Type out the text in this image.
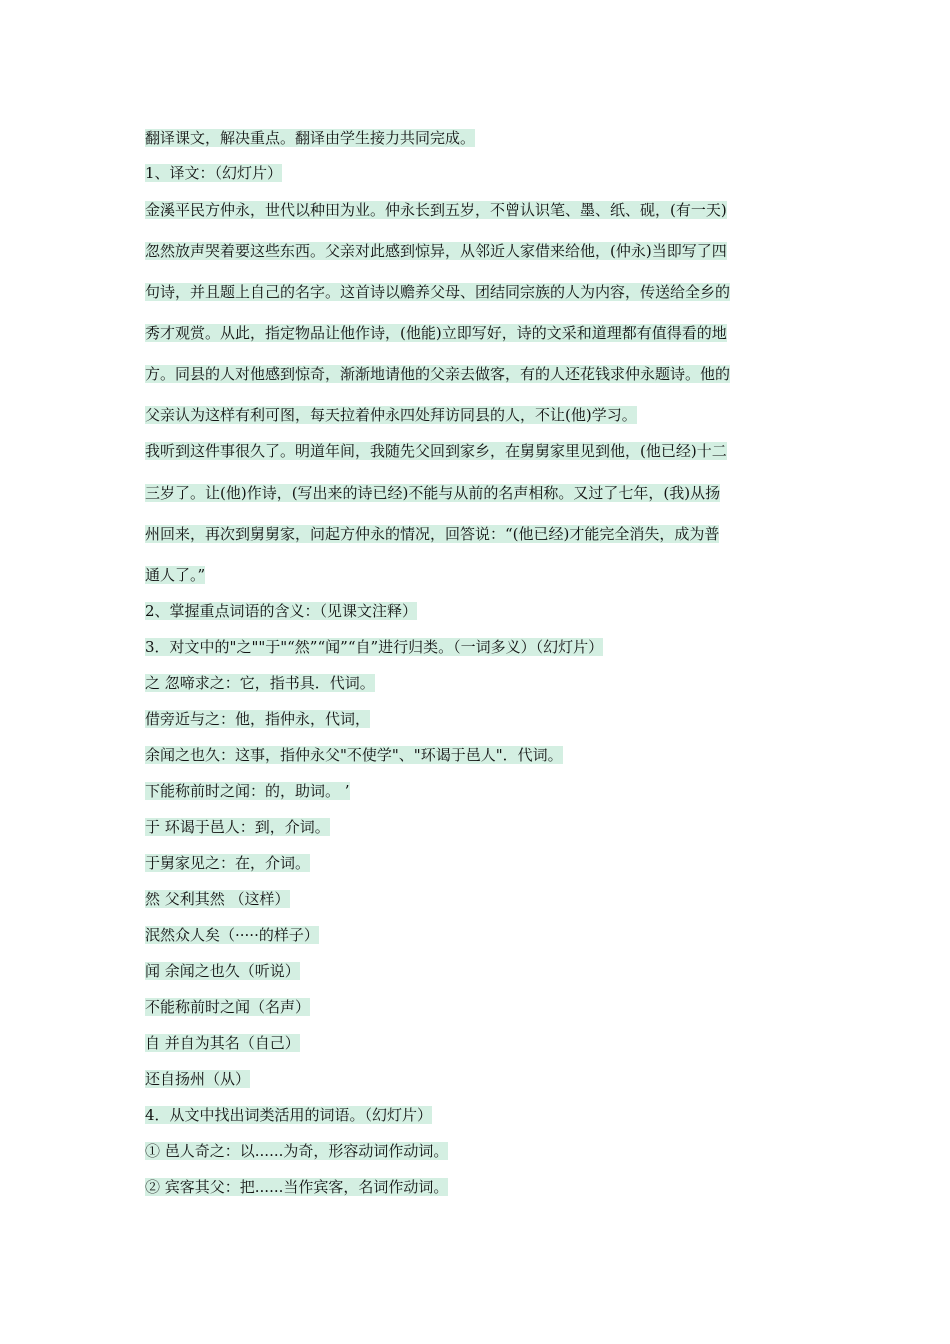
翻译课文，解决重点。翻译由学生接力共同完成。

1、译文：（幻灯片）

金溪平民方仲永，世代以种田为业。仲永长到五岁，不曾认识笔、墨、纸、砚，(有一天)

忽然放声哭着要这些东西。父亲对此感到惊异，从邻近人家借来给他，(仲永)当即写了四

句诗，并且题上自己的名字。这首诗以赡养父母、团结同宗族的人为内容，传送给全乡的

秀才观赏。从此，指定物品让他作诗，(他能)立即写好，诗的文采和道理都有值得看的地

方。同县的人对他感到惊奇，渐渐地请他的父亲去做客，有的人还花钱求仲永题诗。他的

父亲认为这样有利可图，每天拉着仲永四处拜访同县的人，不让(他)学习。

我听到这件事很久了。明道年间，我随先父回到家乡，在舅舅家里见到他，(他已经)十二

三岁了。让(他)作诗，(写出来的诗已经)不能与从前的名声相称。又过了七年，(我)从扬

州回来，再次到舅舅家，问起方仲永的情况，回答说：“(他已经)才能完全消失，成为普

通人了。”

2、掌握重点词语的含义：（见课文注释）

3．对文中的"之""于"“然”“闻”“自”进行归类。（一词多义）（幻灯片）

之 忽啼求之：它，指书具．代词。

借旁近与之：他，指仲永，代词，

余闻之也久：这事，指仲永父"不使学"、"环谒于邑人"．代词。

下能称前时之闻：的，助词。 ’

于 环谒于邑人：到，介词。

于舅家见之：在，介词。

然 父利其然 （这样）

泯然众人矣（·····的样子）

闻 余闻之也久（听说）

不能称前时之闻（名声）

自 并自为其名（自己）

还自扬州（从）

4．从文中找出词类活用的词语。（幻灯片）

① 邑人奇之：以......为奇，形容动词作动词。

② 宾客其父：把......当作宾客，名词作动词。
